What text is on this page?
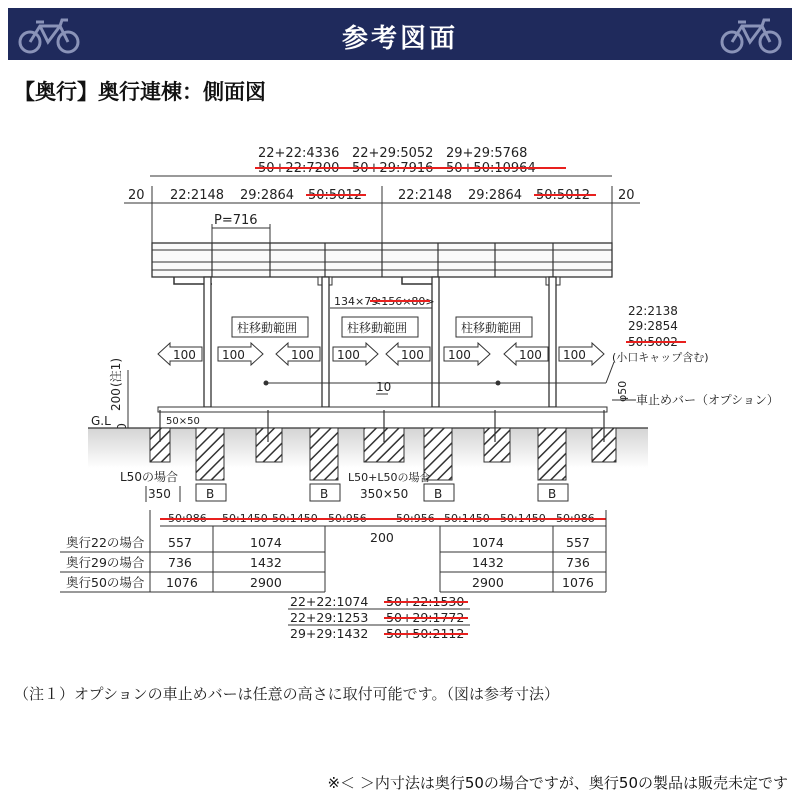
参考図面
【奥行】奥行連棟：側面図
22+22:4336 22+29:5052 29+29:5768
50+22:7200 50+29:7916 50+50:10964
20	20
22:2148 29:2864 50:5012	22:2148 29:2864 50:5012
P=716
134×79
<156×80>
柱移動範囲	柱移動範囲	柱移動範囲
100 100	100 100	100 100	100 100
22:2138
29:2854
50:5002
(小口キャップ含む)
10	φ50 車止めバー（オプション）
G.L
200
(注1)
50×50
L50の場合
350	B	B
L50+L50の場合
350×50 B	B
50:986 50:1450 50:1450 50:956	50:956 50:1450 50:1450 50:986
奥行22の場合 557	1074	1074	557
奥行29の場合 736	1432	1432	736
奥行50の場合 1076	2900	2900	1076
200
22+22:1074 50+22:1530
22+29:1253 50+29:1772
29+29:1432 50+50:2112
（注１）オプションの車止めバーは任意の高さに取付可能です。（図は参考寸法）
※＜ ＞内寸法は奥行50の場合ですが、奥行50の製品は販売未定です
